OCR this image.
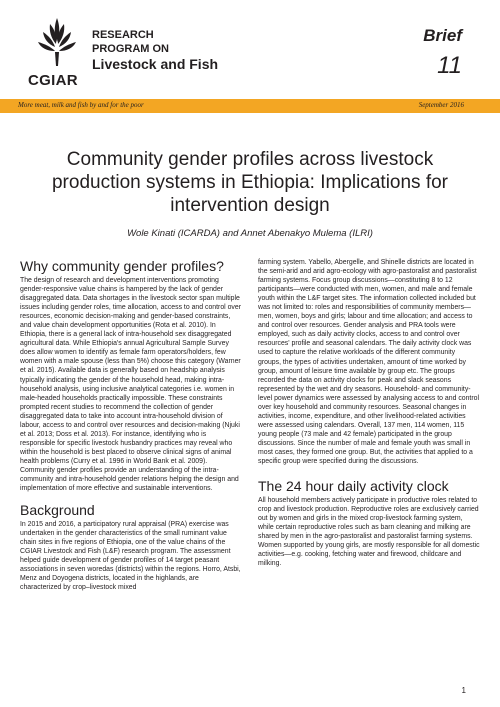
CGIAR
RESEARCH
PROGRAM ON
Livestock and Fish
Brief
11
More meat, milk and fish by and for the poor	September 2016
Community gender profiles across livestock production systems in Ethiopia: Implications for intervention design
Wole Kinati (ICARDA) and Annet Abenakyo Mulema (ILRI)
Why community gender profiles?

The design of research and development interventions promoting gender-responsive value chains is hampered by the lack of gender disaggregated data. Data shortages in the livestock sector span multiple issues including gender roles, time allocation, access to and control over resources, economic decision-making and gender-based constraints, and value chain development opportunities (Rota et al. 2010). In Ethiopia, there is a general lack of intra-household sex disaggregated agricultural data. While Ethiopia's annual Agricultural Sample Survey does allow women to identify as female farm operators/holders, few women with a male spouse (less than 5%) choose this category (Warner et al. 2015). Available data is generally based on headship analysis typically indicating the gender of the household head, making intra-household analysis, using inclusive analytical categories i.e. women in male-headed households practically impossible. These constraints prompted recent studies to recommend the collection of gender disaggregated data to take into account intra-household division of labour, access to and control over resources and decision-making (Njuki et al. 2013; Doss et al. 2013). For instance, identifying who is responsible for specific livestock husbandry practices may reveal who within the household is best placed to observe clinical signs of animal health problems (Curry et al. 1996 in World Bank et al. 2009). Community gender profiles provide an understanding of the intra-community and intra-household gender relations helping the design and implementation of more effective and sustainable interventions.

Background

In 2015 and 2016, a participatory rural appraisal (PRA) exercise was undertaken in the gender characteristics of the small ruminant value chain sites in five regions of Ethiopia, one of the value chains of the CGIAR Livestock and Fish (L&F) research program. The assessment helped guide development of gender profiles of 14 target peasant associations in seven woredas (districts) within the regions. Horro, Atsbi, Menz and Doyogena districts, located in the highlands, are characterized by crop–livestock mixed

farming system. Yabello, Abergelle, and Shinelle districts are located in the semi-arid and arid agro-ecology with agro-pastoralist and pastoralist farming systems. Focus group discussions—constituting 8 to 12 participants—were conducted with men, women, and male and female youth within the L&F target sites. The information collected included but was not limited to: roles and responsibilities of community members—men, women, boys and girls; labour and time allocation; and access to and control over resources. Gender analysis and PRA tools were employed, such as daily activity clocks, access to and control over resources' profile and seasonal calendars. The daily activity clock was used to capture the relative workloads of the different community groups, the types of activities undertaken, amount of time worked by group, amount of leisure time available by group etc. The groups recorded the data on activity clocks for peak and slack seasons represented by the wet and dry seasons. Household- and community-level power dynamics were assessed by analysing access to and control over key household and community resources. Seasonal changes in activities, income, expenditure, and other livelihood-related activities were assessed using calendars. Overall, 137 men, 114 women, 115 young people (73 male and 42 female) participated in the group discussions. Since the number of male and female youth was small in most cases, they formed one group. But, the activities that applied to a specific group were specified during the discussions.

The 24 hour daily activity clock

All household members actively participate in productive roles related to crop and livestock production. Reproductive roles are exclusively carried out by women and girls in the mixed crop-livestock farming system, while certain reproductive roles such as barn cleaning and milking are shared by men in the agro-pastoralist and pastoralist farming systems. Women supported by young girls, are mostly responsible for all domestic activities—e.g. cooking, fetching water and firewood, childcare and milking.

1
